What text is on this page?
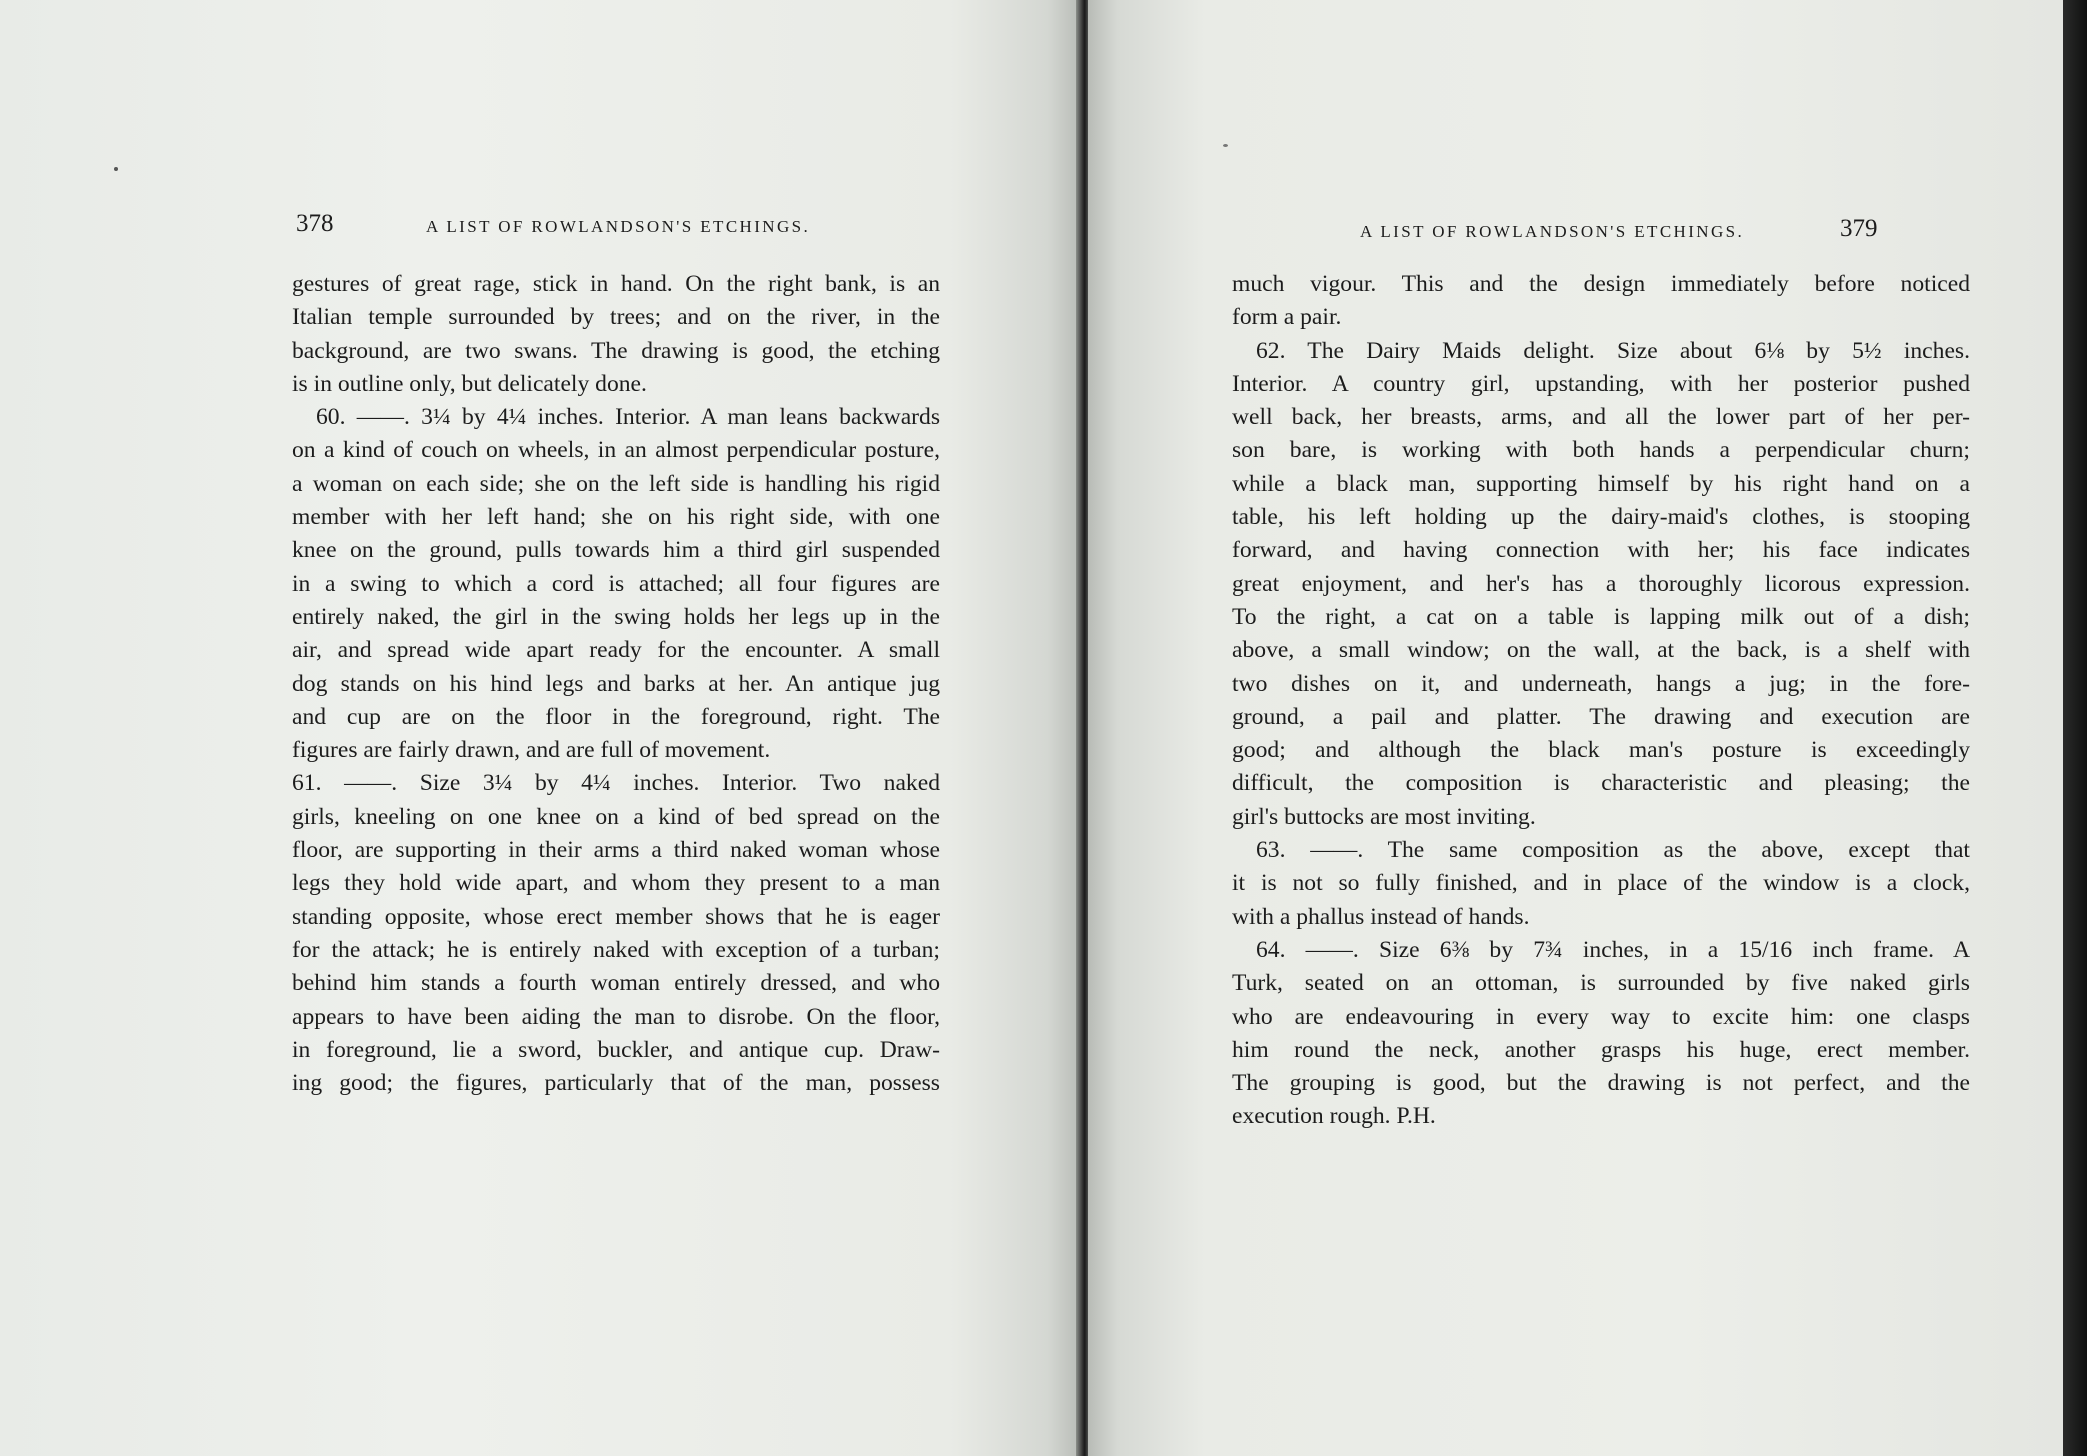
378	A LIST OF ROWLANDSON'S ETCHINGS.
gestures of great rage, stick in hand. On the right bank, is an
Italian temple surrounded by trees; and on the river, in the
background, are two swans. The drawing is good, the etching
is in outline only, but delicately done.
60. ——. 3¼ by 4¼ inches. Interior. A man leans backwards
on a kind of couch on wheels, in an almost perpendicular posture,
a woman on each side; she on the left side is handling his rigid
member with her left hand; she on his right side, with one
knee on the ground, pulls towards him a third girl suspended
in a swing to which a cord is attached; all four figures are
entirely naked, the girl in the swing holds her legs up in the
air, and spread wide apart ready for the encounter. A small
dog stands on his hind legs and barks at her. An antique jug
and cup are on the floor in the foreground, right. The
figures are fairly drawn, and are full of movement.
61. ——. Size 3¼ by 4¼ inches. Interior. Two naked
girls, kneeling on one knee on a kind of bed spread on the
floor, are supporting in their arms a third naked woman whose
legs they hold wide apart, and whom they present to a man
standing opposite, whose erect member shows that he is eager
for the attack; he is entirely naked with exception of a turban;
behind him stands a fourth woman entirely dressed, and who
appears to have been aiding the man to disrobe. On the floor,
in foreground, lie a sword, buckler, and antique cup. Draw-
ing good; the figures, particularly that of the man, possess
A LIST OF ROWLANDSON'S ETCHINGS.	379
much vigour. This and the design immediately before noticed
form a pair.
62. The Dairy Maids delight. Size about 6⅛ by 5½ inches.
Interior. A country girl, upstanding, with her posterior pushed
well back, her breasts, arms, and all the lower part of her per-
son bare, is working with both hands a perpendicular churn;
while a black man, supporting himself by his right hand on a
table, his left holding up the dairy-maid's clothes, is stooping
forward, and having connection with her; his face indicates
great enjoyment, and her's has a thoroughly licorous expression.
To the right, a cat on a table is lapping milk out of a dish;
above, a small window; on the wall, at the back, is a shelf with
two dishes on it, and underneath, hangs a jug; in the fore-
ground, a pail and platter. The drawing and execution are
good; and although the black man's posture is exceedingly
difficult, the composition is characteristic and pleasing; the
girl's buttocks are most inviting.
63. ——. The same composition as the above, except that
it is not so fully finished, and in place of the window is a clock,
with a phallus instead of hands.
64. ——. Size 6⅜ by 7¾ inches, in a 15/16 inch frame. A
Turk, seated on an ottoman, is surrounded by five naked girls
who are endeavouring in every way to excite him: one clasps
him round the neck, another grasps his huge, erect member.
The grouping is good, but the drawing is not perfect, and the
execution rough. P.H.
